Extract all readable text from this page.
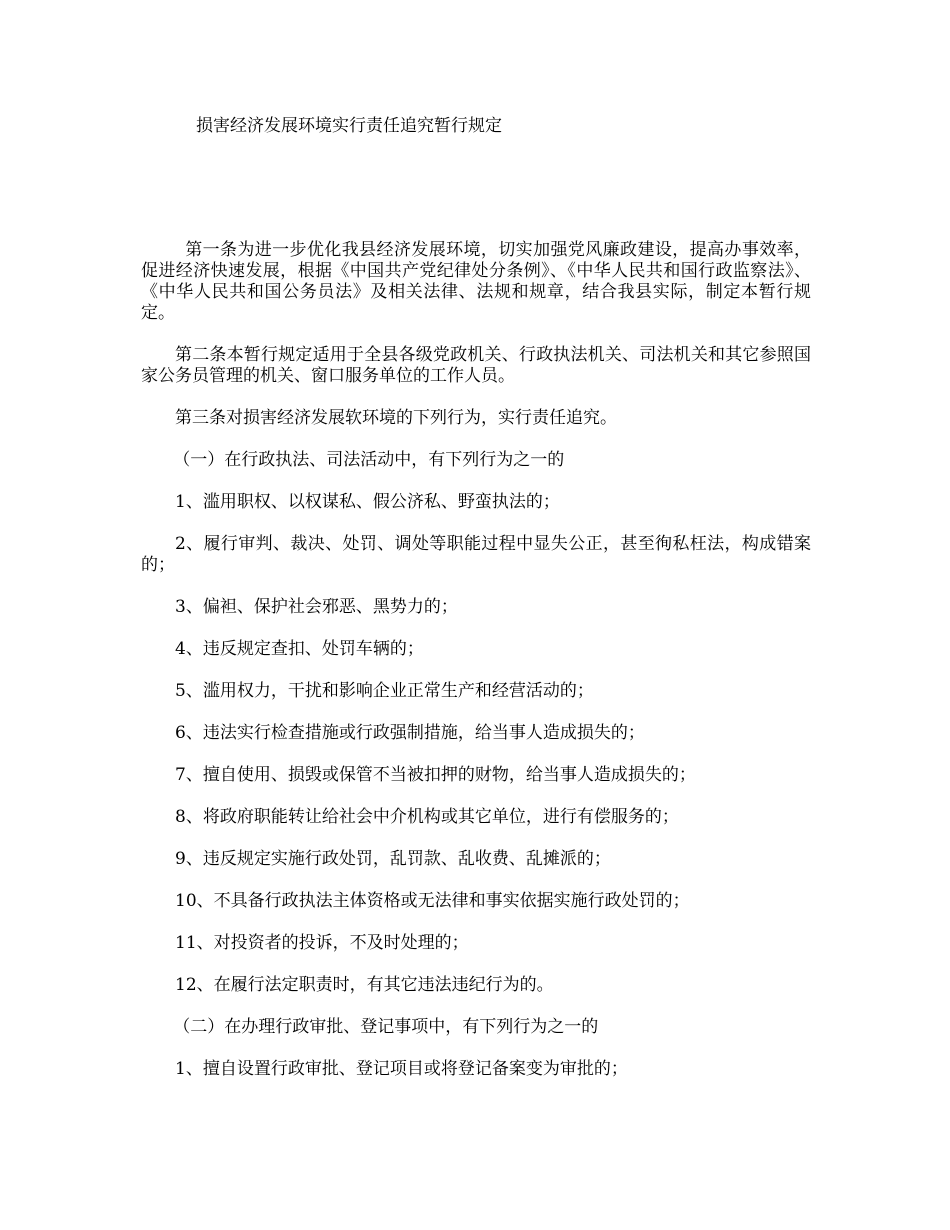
损害经济发展环境实行责任追究暂行规定

第一条为进一步优化我县经济发展环境，切实加强党风廉政建设，提高办事效率，促进经济快速发展，根据《中国共产党纪律处分条例》、《中华人民共和国行政监察法》、《中华人民共和国公务员法》及相关法律、法规和规章，结合我县实际，制定本暂行规定。

第二条本暂行规定适用于全县各级党政机关、行政执法机关、司法机关和其它参照国家公务员管理的机关、窗口服务单位的工作人员。

第三条对损害经济发展软环境的下列行为，实行责任追究。

（一）在行政执法、司法活动中，有下列行为之一的

1、滥用职权、以权谋私、假公济私、野蛮执法的；

2、履行审判、裁决、处罚、调处等职能过程中显失公正，甚至徇私枉法，构成错案的；

3、偏袒、保护社会邪恶、黑势力的；

4、违反规定查扣、处罚车辆的；

5、滥用权力，干扰和影响企业正常生产和经营活动的；

6、违法实行检查措施或行政强制措施，给当事人造成损失的；

7、擅自使用、损毁或保管不当被扣押的财物，给当事人造成损失的；

8、将政府职能转让给社会中介机构或其它单位，进行有偿服务的；

9、违反规定实施行政处罚，乱罚款、乱收费、乱摊派的；

10、不具备行政执法主体资格或无法律和事实依据实施行政处罚的；

11、对投资者的投诉，不及时处理的；

12、在履行法定职责时，有其它违法违纪行为的。

（二）在办理行政审批、登记事项中，有下列行为之一的

1、擅自设置行政审批、登记项目或将登记备案变为审批的；
